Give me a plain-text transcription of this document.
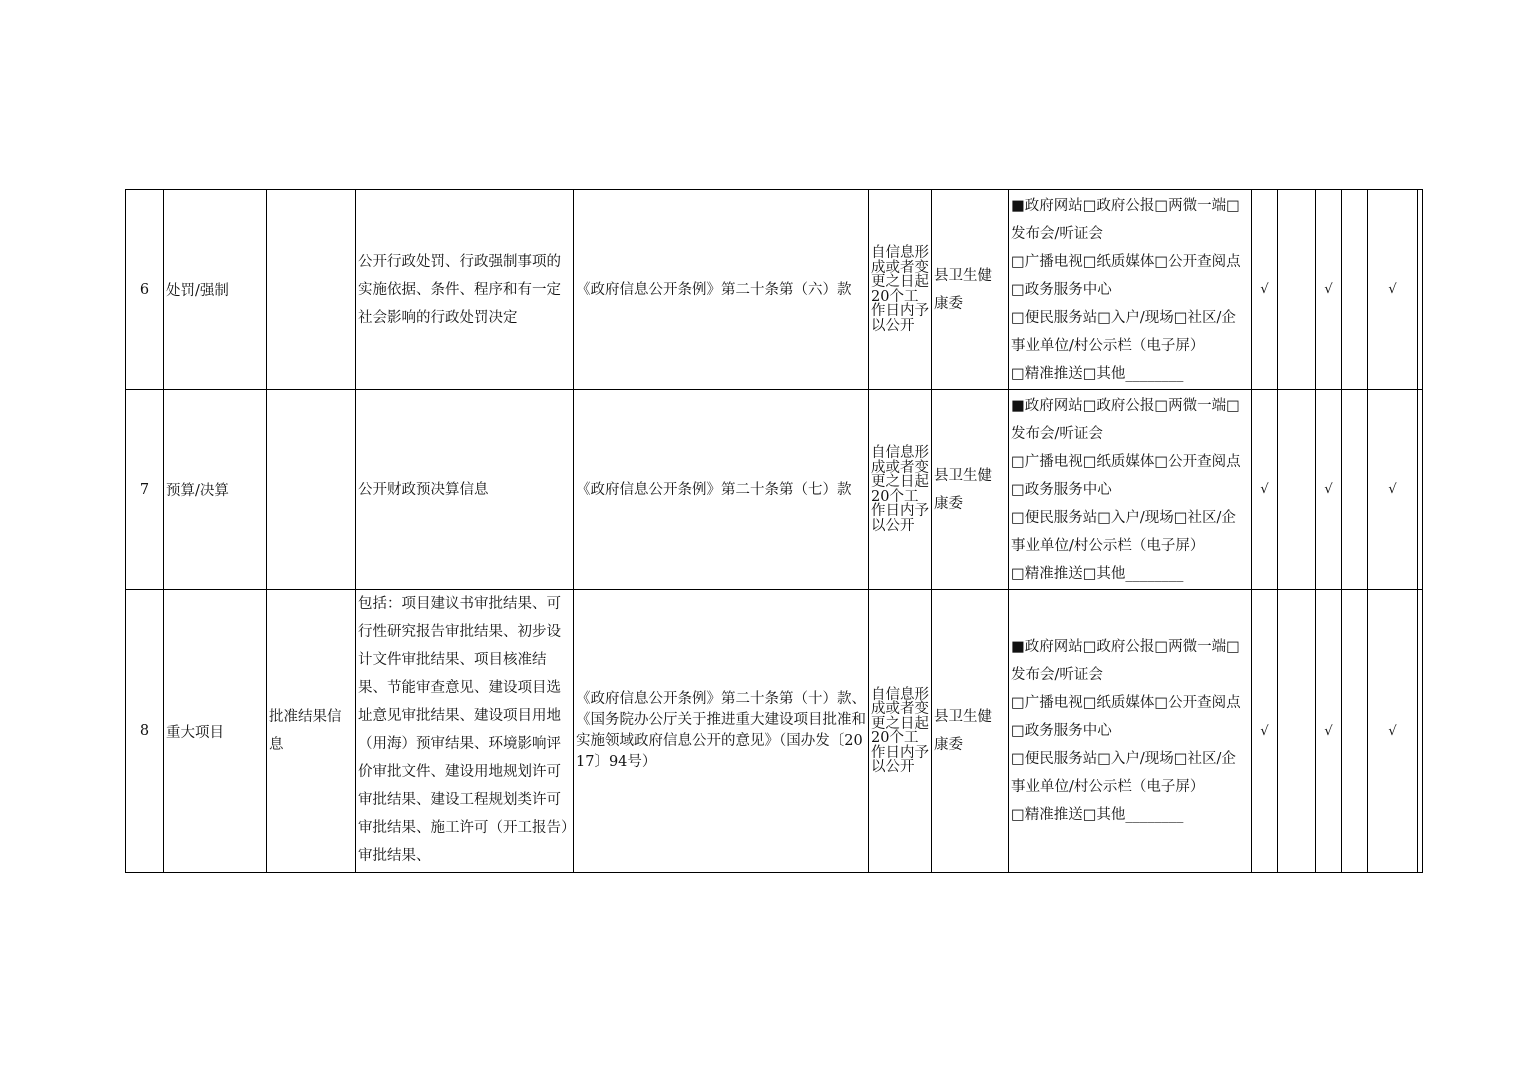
6	处罚/强制		公开行政处罚、行政强制事项的实施依据、条件、程序和有一定社会影响的行政处罚决定	《政府信息公开条例》第二十条第（六）款	自信息形成或者变更之日起20个工作日内予以公开	县卫生健康委	■政府网站□政府公报□两微一端□发布会/听证会
□广播电视□纸质媒体□公开查阅点□政务服务中心
□便民服务站□入户/现场□社区/企事业单位/村公示栏（电子屏）
□精准推送□其他________	√		√		√	
7	预算/决算		公开财政预决算信息	《政府信息公开条例》第二十条第（七）款	自信息形成或者变更之日起20个工作日内予以公开	县卫生健康委	■政府网站□政府公报□两微一端□发布会/听证会
□广播电视□纸质媒体□公开查阅点□政务服务中心
□便民服务站□入户/现场□社区/企事业单位/村公示栏（电子屏）
□精准推送□其他________	√		√		√	
8	重大项目	批准结果信息	包括：项目建议书审批结果、可行性研究报告审批结果、初步设计文件审批结果、项目核准结果、节能审查意见、建设项目选址意见审批结果、建设项目用地（用海）预审结果、环境影响评价审批文件、建设用地规划许可审批结果、建设工程规划类许可审批结果、施工许可（开工报告）审批结果、	《政府信息公开条例》第二十条第（十）款、《国务院办公厅关于推进重大建设项目批准和实施领域政府信息公开的意见》（国办发〔2017〕94号）	自信息形成或者变更之日起20个工作日内予以公开	县卫生健康委	■政府网站□政府公报□两微一端□发布会/听证会
□广播电视□纸质媒体□公开查阅点□政务服务中心
□便民服务站□入户/现场□社区/企事业单位/村公示栏（电子屏）
□精准推送□其他________	√		√		√	
